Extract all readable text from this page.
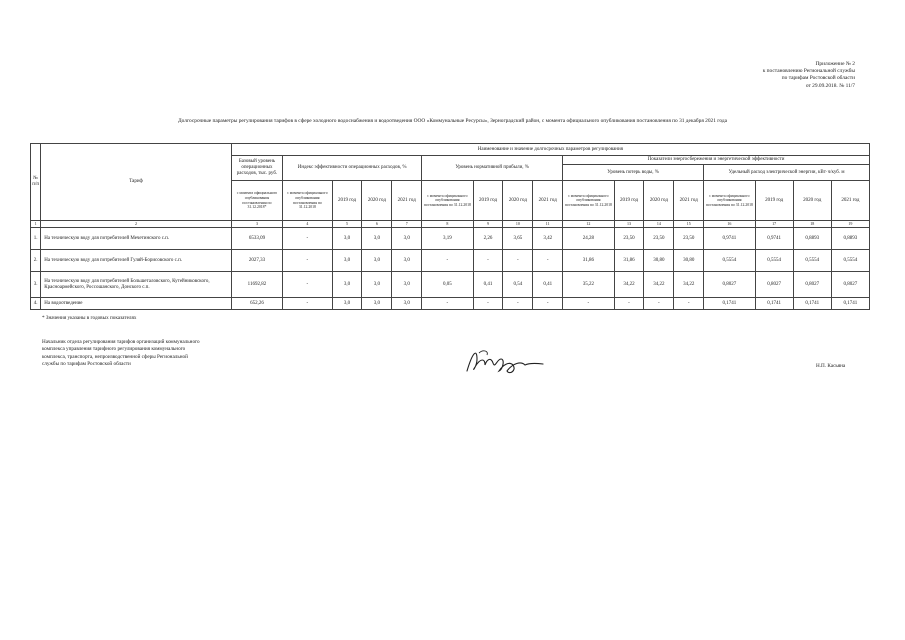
Приложение № 2
к постановлению Региональной службы
по тарифам Ростовской области
от 29.09.2018. № 11/7
Долгосрочные параметры регулирования тарифов в сфере холодного водоснабжения и водоотведения ООО «Коммунальные Ресурсы», Зерноградский район, с момента официального опубликования постановления по 31 декабря 2021 года
№ п/п	Тариф	Наименование и значение долгосрочных параметров регулирования																
		Базовый уровень операционных расходов, тыс. руб.	Индекс эффективности операционных расходов, %				Уровень нормативной прибыли, %				Показатели энергосбережения и энергетической эффективности							
											Уровень потерь воды, %				Удельный расход электрической энергии, кВт·ч/куб. м			
		с момента официального опубликования постановления по 31.12.2018*	с момента официального опубликования постановления по 31.12.2018	2019 год	2020 год	2021 год	с момента официального опубликования постановления по 31.12.2018	2019 год	2020 год	2021 год	с момента официального опубликования постановления по 31.12.2018	2019 год	2020 год	2021 год	с момента официального опубликования постановления по 31.12.2018	2019 год	2020 год	2021 год
1	2	3	4	5	6	7	8	9	10	11	12	13	14	15	16	17	18	19
1.	На техническую воду для потребителей Мечетинского с.п.	6533,09	-	3,0	3,0	3,0	3,19	2,26	3,65	3,42	24,28	23,50	23,50	23,50	0,9741	0,9741	0,8893	0,8893
2.	На техническую воду для потребителей Гуляй-Борисовского с.п.	2027,33	-	3,0	3,0	3,0	-	-	-	-	31,86	31,86	30,80	30,80	0,5554	0,5554	0,5554	0,5554
3.	На техническую воду для потребителей Большеталовского, Кутейниковского, Красноармейского, Россошанского, Донского с.п.	11692,82	-	3,0	3,0	3,0	0,05	0,41	0,54	0,41	35,22	34,22	34,22	34,22	0,8027	0,8027	0,8027	0,8027
4.	На водоотведение	652,26	-	3,0	3,0	3,0	-	-	-	-	-	-	-	-	0,1741	0,1741	0,1741	0,1741
* Значения указаны в годовых показателях
Начальник отдела регулирования тарифов организаций коммунального
комплекса управления тарифного регулирования коммунального
комплекса, транспорта, непроизводственной сферы Региональной
службы по тарифам Ростовской области	Н.П. Касьяна
